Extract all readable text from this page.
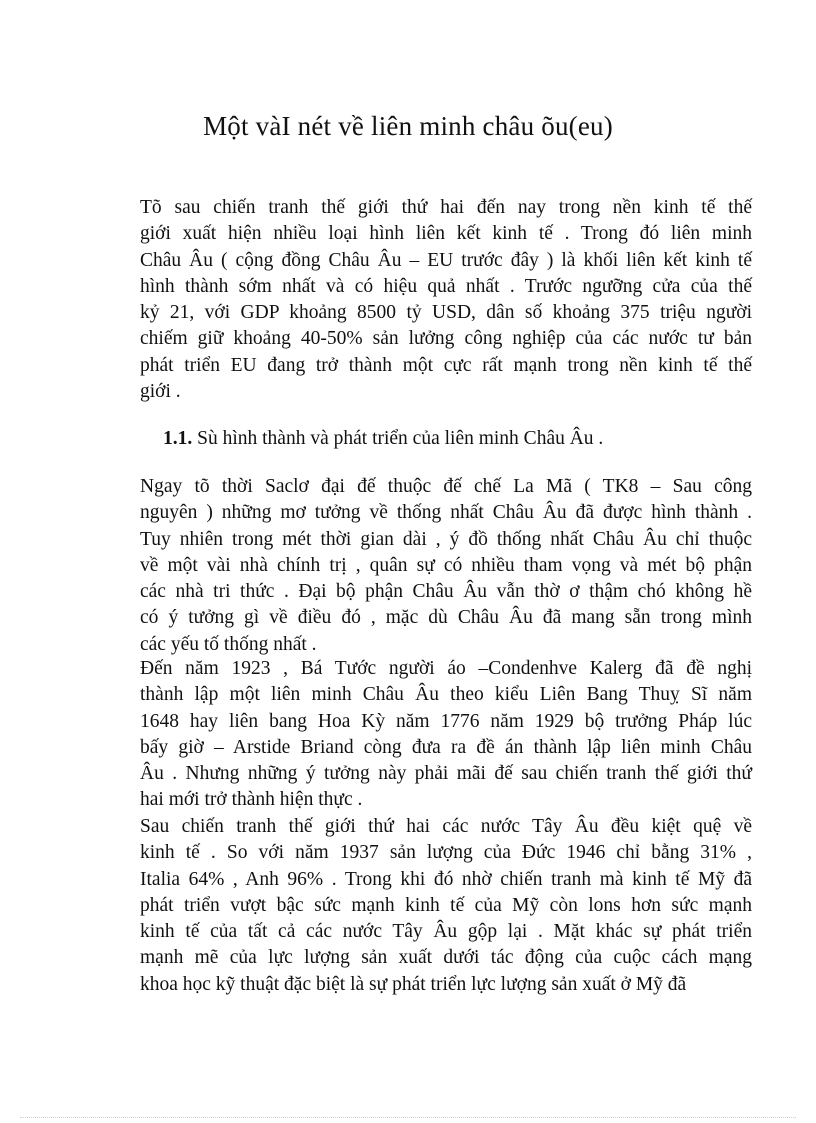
Một vàI nét về liên minh châu õu(eu)
Tõ sau chiến tranh thế giới thứ hai đến nay trong nền kinh tế thế
giới xuất hiện nhiều loại hình liên kết kinh tế . Trong đó liên minh
Châu Âu ( cộng đồng Châu Âu – EU trước đây ) là khối liên kết kinh tế
hình thành sớm nhất và có hiệu quả nhất . Trước ngưỡng cửa của thế
kỷ 21, với GDP khoảng 8500 tỷ USD, dân số khoảng 375 triệu người
chiếm giữ khoảng 40-50% sản lưởng công nghiệp của các nước tư bản
phát triển EU đang trở thành một cực rất mạnh trong nền kinh tế thế
giới .
1.1. Sù hình thành và phát triển của liên minh Châu Âu .
Ngay tõ thời Saclơ đại đế thuộc đế chế La Mã ( TK8 – Sau công
nguyên ) những mơ tưởng về thống nhất Châu Âu đã được hình thành .
Tuy nhiên trong mét thời gian dài , ý đồ thống nhất Châu Âu chỉ thuộc
về một vài nhà chính trị , quân sự có nhiều tham vọng và mét bộ phận
các nhà tri thức . Đại bộ phận Châu Âu vẫn thờ ơ thậm chó không hề
có ý tưởng gì về điều đó , mặc dù Châu Âu đã mang sẵn trong mình
các yếu tố thống nhất .
Đến năm 1923 , Bá Tước người áo –Condenhve Kalerg đã đề nghị
thành lập một liên minh Châu Âu theo kiểu Liên Bang Thuỵ Sĩ năm
1648 hay liên bang Hoa Kỳ năm 1776 năm 1929 bộ trưởng Pháp lúc
bấy giờ – Arstide Briand còng đưa ra đề án thành lập liên minh Châu
Âu . Nhưng những ý tưởng này phải mãi đế sau chiến tranh thế giới thứ
hai mới trở thành hiện thực .
Sau chiến tranh thế giới thứ hai các nước Tây Âu đều kiệt quệ về
kinh tế . So với năm 1937 sản lượng của Đức 1946 chỉ bằng 31% ,
Italia 64% , Anh 96% . Trong khi đó nhờ chiến tranh mà kinh tế Mỹ đã
phát triển vượt bậc sức mạnh kinh tế của Mỹ còn lons hơn sức mạnh
kinh tế của tất cả các nước Tây Âu gộp lại . Mặt khác sự phát triển
mạnh mẽ của lực lượng sản xuất dưới tác động của cuộc cách mạng
khoa học kỹ thuật đặc biệt là sự phát triển lực lượng sản xuất ở Mỹ đã
